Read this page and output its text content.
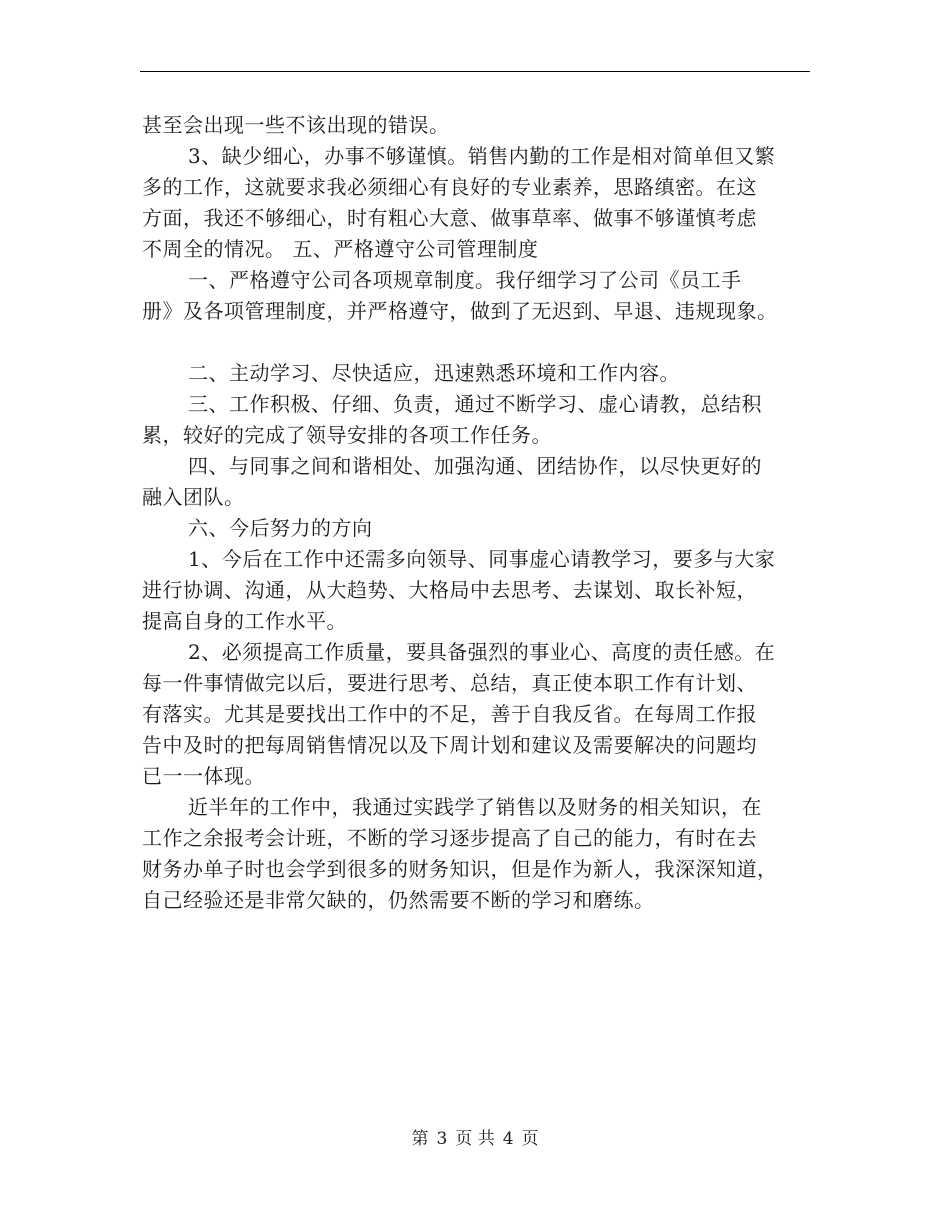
甚至会出现一些不该出现的错误。
3、缺少细心，办事不够谨慎。销售内勤的工作是相对简单但又繁
多的工作，这就要求我必须细心有良好的专业素养，思路缜密。在这
方面，我还不够细心，时有粗心大意、做事草率、做事不够谨慎考虑
不周全的情况。 五、严格遵守公司管理制度
一、严格遵守公司各项规章制度。我仔细学习了公司《员工手
册》及各项管理制度，并严格遵守，做到了无迟到、早退、违规现象。
二、主动学习、尽快适应，迅速熟悉环境和工作内容。
三、工作积极、仔细、负责，通过不断学习、虚心请教，总结积
累，较好的完成了领导安排的各项工作任务。
四、与同事之间和谐相处、加强沟通、团结协作，以尽快更好的
融入团队。
六、今后努力的方向
1、今后在工作中还需多向领导、同事虚心请教学习，要多与大家
进行协调、沟通，从大趋势、大格局中去思考、去谋划、取长补短，
提高自身的工作水平。
2、必须提高工作质量，要具备强烈的事业心、高度的责任感。在
每一件事情做完以后，要进行思考、总结，真正使本职工作有计划、
有落实。尤其是要找出工作中的不足，善于自我反省。在每周工作报
告中及时的把每周销售情况以及下周计划和建议及需要解决的问题均
已一一体现。
近半年的工作中，我通过实践学了销售以及财务的相关知识，在
工作之余报考会计班，不断的学习逐步提高了自己的能力，有时在去
财务办单子时也会学到很多的财务知识，但是作为新人，我深深知道，
自己经验还是非常欠缺的，仍然需要不断的学习和磨练。
第 3 页 共 4 页
